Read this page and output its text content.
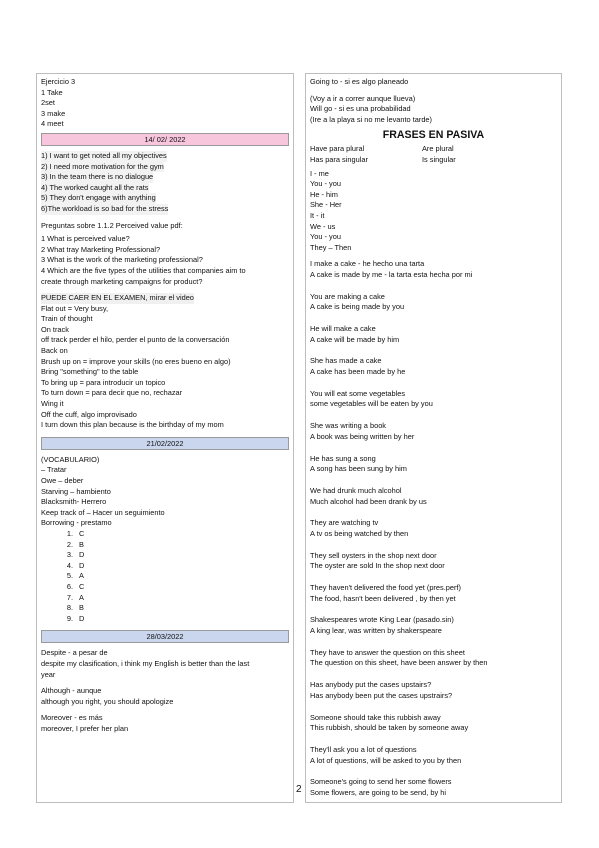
Ejercicio 3
1 Take
2set
3 make
4 meet
14/ 02/ 2022
1) I want to get noted all my objectives
2) I need more motivation for the gym
3) In the team there is no dialogue
4) The worked caught all the rats
5) They don't engage with anything
6)The workload is so bad for the stress
Preguntas sobre 1.1.2 Perceived value pdf:
1 What is perceived value?
2 What tray Marketing Professional?
3 What is the work of the marketing professional?
4 Which are the five types of the utilities that companies aim to
create through marketing campaigns for product?
PUEDE CAER EN EL EXAMEN, mirar el video
Flat out = Very busy,
Train of thought
On track
off track perder el hilo, perder el punto de la conversación
Back on
Brush up on = improve your skills (no eres bueno en algo)
Bring "something" to the table
To bring up = para introducir un topico
To turn down = para decir que no, rechazar
Wing it
Off the cuff, algo improvisado
I turn down this plan because is the birthday of my mom
21/02/2022
(VOCABULARIO)
– Tratar
Owe – deber
Starving – hambiento
Blacksmith- Herrero
Keep track of – Hacer un seguimiento
Borrowing - prestamo
1. C
2. B
3. D
4. D
5. A
6. C
7. A
8. B
9. D
28/03/2022
Despite - a pesar de
despite my clasification, i think my English is better than the last
year
Although - aunque
although you right, you should apologize
Moreover - es más
moreover, I prefer her plan
Going to - si es algo planeado
(Voy a ir a correr aunque llueva)
Will go - si es una probabilidad
(Ire a la playa si no me levanto tarde)
FRASES EN PASIVA
Have para plural	Are plural
Has para singular	Is singular
I - me
You - you
He - him
She - Her
It - it
We - us
You - you
They – Then
I make a cake - he hecho una tarta
A cake is made by me - la tarta esta hecha por mi
You are making a cake
A cake is being made by you
He will make a cake
A cake will be made by him
She has made a cake
A cake has been made by he
You will eat some vegetables
some vegetables will be eaten by you
She was writing a book
A book was being written by her
He has sung a song
A song has been sung by him
We had drunk much alcohol
Much alcohol had been drank by us
They are watching tv
A tv os being watched by then
They sell oysters in the shop next door
The oyster are sold In the shop next door
They haven't delivered the food yet (pres.perf)
The food, hasn't been delivered , by then yet
Shakespeares wrote King Lear (pasado.sin)
A king lear, was written by shakerspeare
They have to answer the question on this sheet
The question on this sheet, have been answer by then
Has anybody put the cases upstairs?
Has anybody been put the cases upstrairs?
Someone should take this rubbish away
This rubbish, should be taken by someone away
They'll ask you a lot of questions
A lot of questions, will be asked to you by then
Someone's going to send her some flowers
Some flowers, are going to be send, by hi
2
